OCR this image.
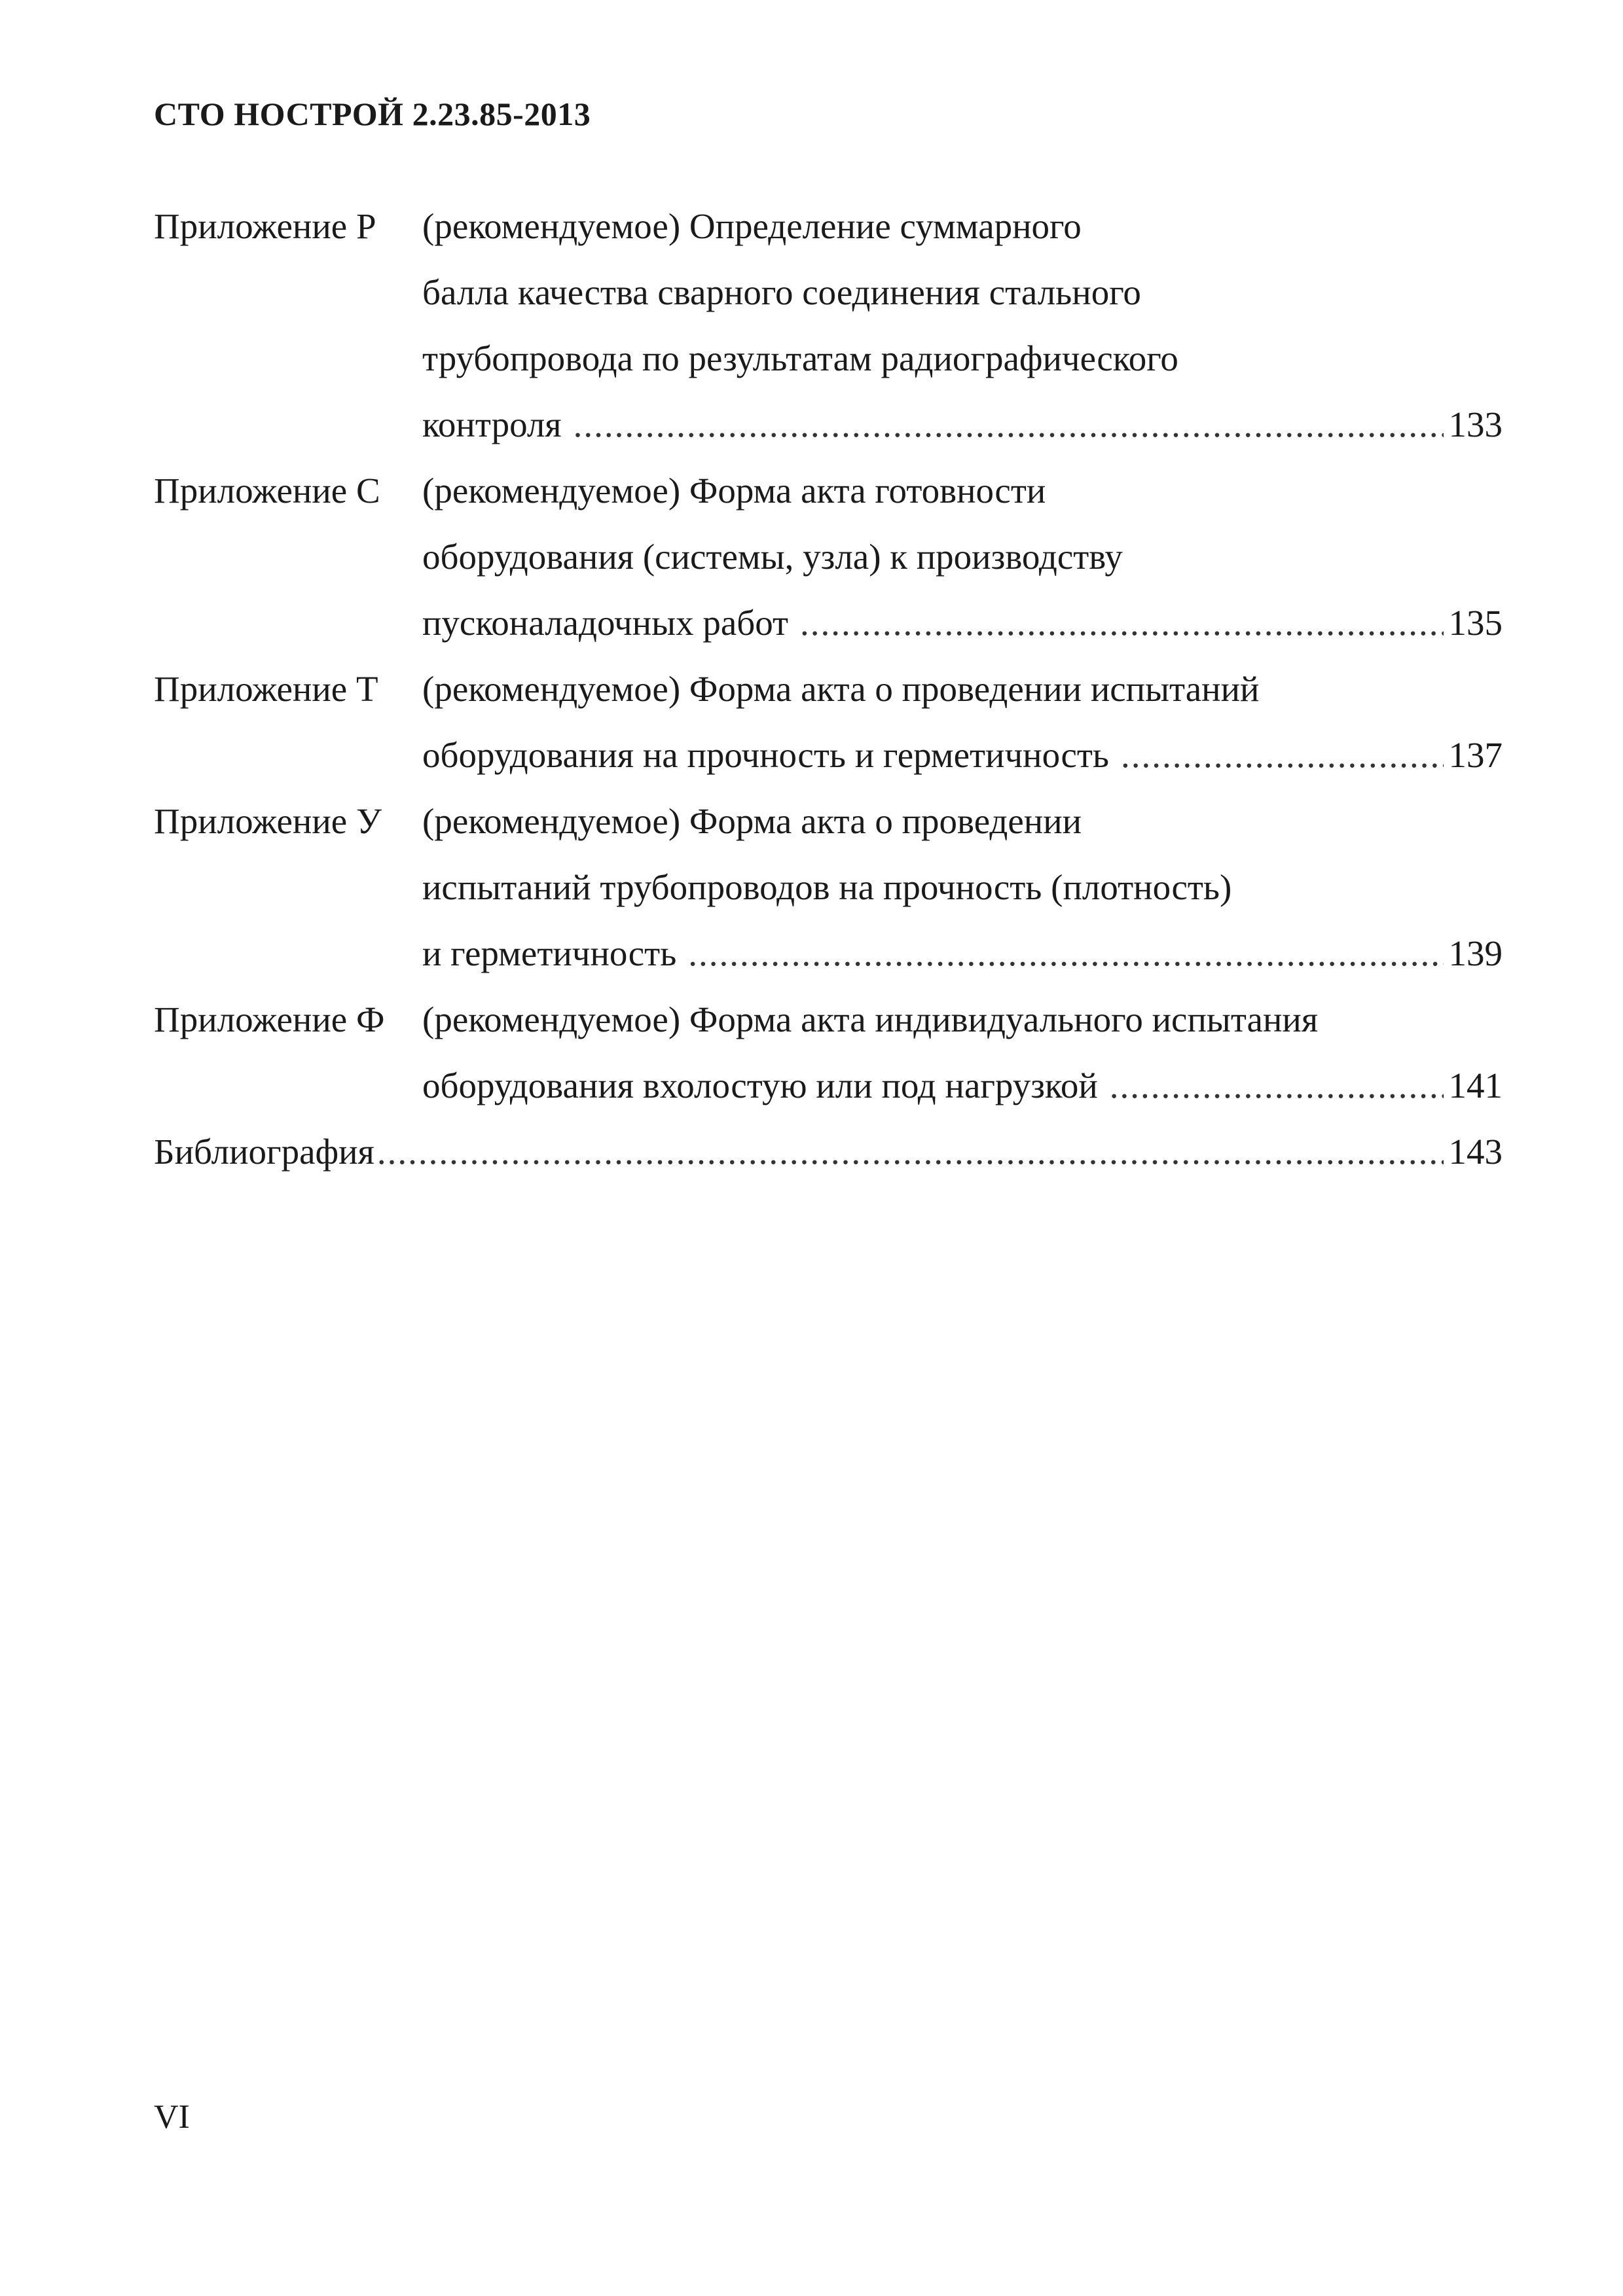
СТО НОСТРОЙ 2.23.85-2013
Приложение Р (рекомендуемое) Определение суммарного
балла качества сварного соединения стального
трубопровода по результатам радиографического
контроля .....	133
Приложение С (рекомендуемое) Форма акта готовности
оборудования (системы, узла) к производству
пусконаладочных работ .....	135
Приложение Т (рекомендуемое) Форма акта о проведении испытаний
оборудования на прочность и герметичность .....	137
Приложение У (рекомендуемое) Форма акта о проведении
испытаний трубопроводов на прочность (плотность)
и герметичность .....	139
Приложение Ф (рекомендуемое) Форма акта индивидуального испытания
оборудования вхолостую или под нагрузкой .....	141
Библиография .....	143
VI
